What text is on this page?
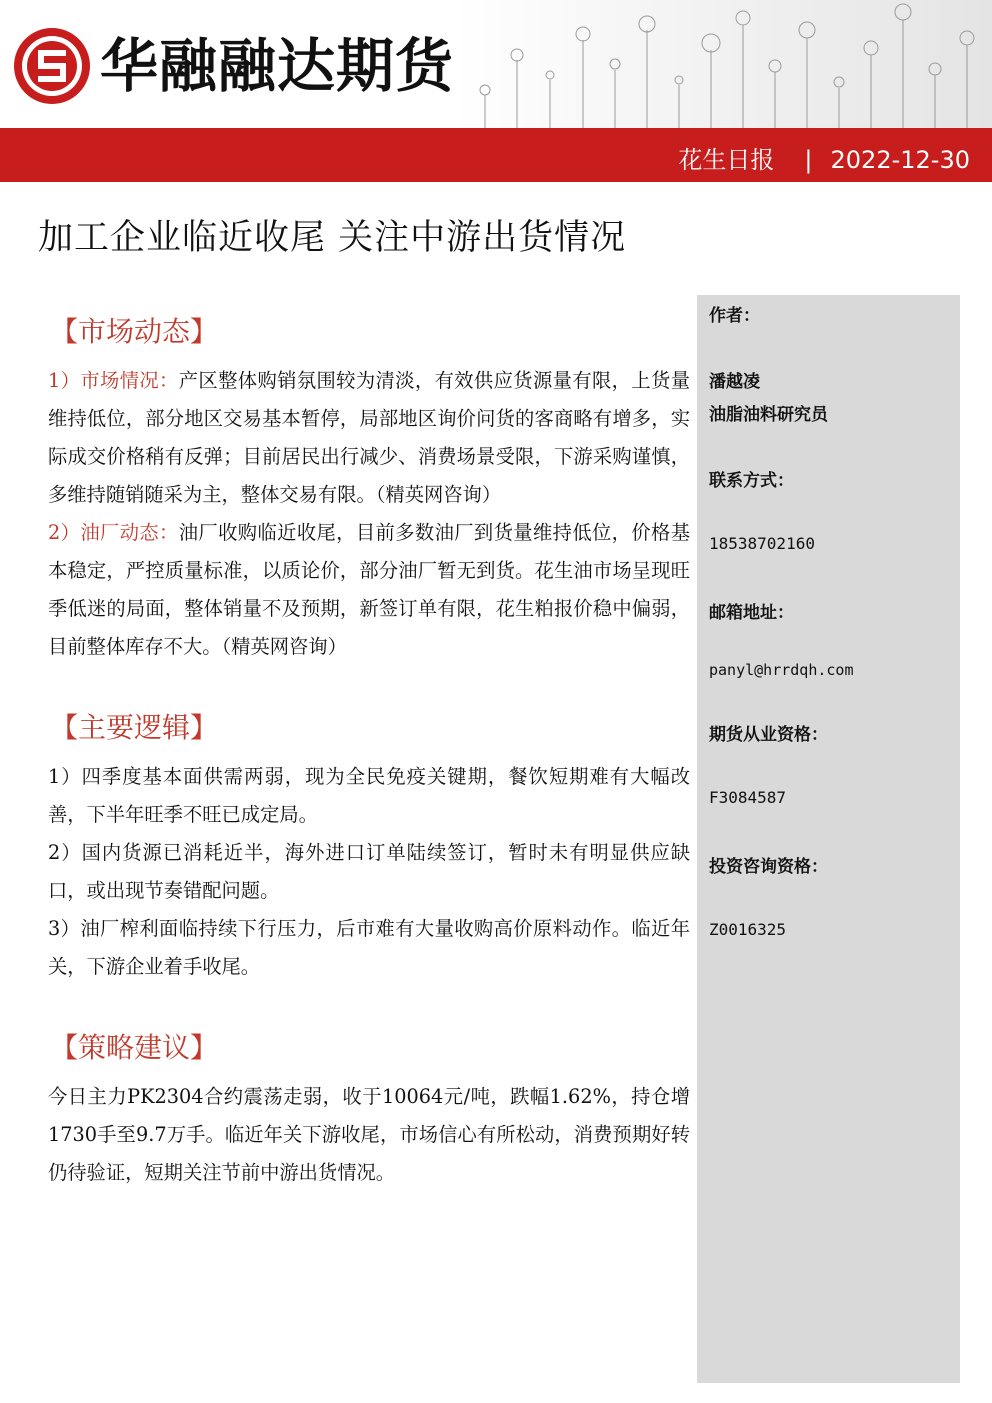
华融融达期货
花生日报 | 2022-12-30
加工企业临近收尾 关注中游出货情况
【市场动态】

1）市场情况：产区整体购销氛围较为清淡，有效供应货源量有限，上货量维持低位，部分地区交易基本暂停，局部地区询价问货的客商略有增多，实际成交价格稍有反弹；目前居民出行减少、消费场景受限，下游采购谨慎，多维持随销随采为主，整体交易有限。（精英网咨询）

2）油厂动态：油厂收购临近收尾，目前多数油厂到货量维持低位，价格基本稳定，严控质量标准，以质论价，部分油厂暂无到货。花生油市场呈现旺季低迷的局面，整体销量不及预期，新签订单有限，花生粕报价稳中偏弱，目前整体库存不大。（精英网咨询）

【主要逻辑】

1）四季度基本面供需两弱，现为全民免疫关键期，餐饮短期难有大幅改善，下半年旺季不旺已成定局。

2）国内货源已消耗近半，海外进口订单陆续签订，暂时未有明显供应缺口，或出现节奏错配问题。

3）油厂榨利面临持续下行压力，后市难有大量收购高价原料动作。临近年关，下游企业着手收尾。

【策略建议】

今日主力PK2304合约震荡走弱，收于10064元/吨，跌幅1.62%，持仓增1730手至9.7万手。临近年关下游收尾，市场信心有所松动，消费预期好转仍待验证，短期关注节前中游出货情况。

作者：
潘越凌
油脂油料研究员
联系方式：
18538702160
邮箱地址：
panyl@hrrdqh.com
期货从业资格：
F3084587
投资咨询资格：
Z0016325
